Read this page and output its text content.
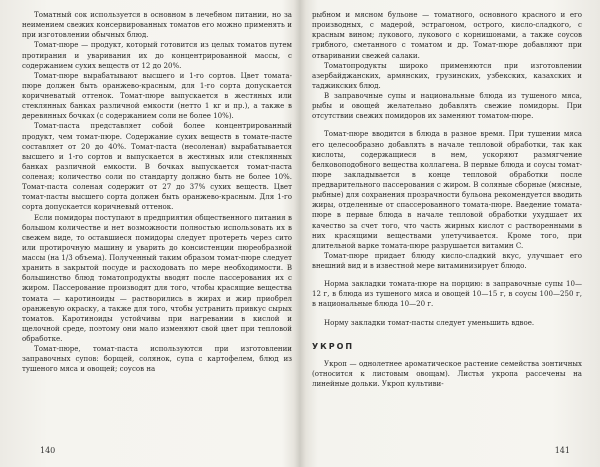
Томатный сок используется в основном в лечебном питании, но за неимением свежих консервированных томатов его можно применять и при изготовлении обычных блюд.

Томат-пюре — продукт, который готовится из целых томатов путем протирания и уваривания их до концентрированной массы, с содержанием сухих веществ от 12 до 20%.

Томат-пюре вырабатывают высшего и 1-го сортов. Цвет томата-пюре должен быть оранжево-красным, для 1-го сорта допускается коричневатый оттенок. Томат-пюре выпускается в жестяных или стеклянных банках различной емкости (нетто 1 кг и пр.), а также в деревянных бочках (с содержанием соли не более 10%).

Томат-паста представляет собой более концентрированный продукт, чем томат-пюре. Содержание сухих веществ в томате-пасте составляет от 20 до 40%. Томат-паста (несоленая) вырабатывается высшего и 1-го сортов и выпускается в жестяных или стеклянных банках различной емкости. В бочках выпускается томат-паста соленая; количество соли по стандарту должно быть не более 10%. Томат-паста соленая содержит от 27 до 37% сухих веществ. Цвет томат-пасты высшего сорта должен быть оранжево-красным. Для 1-го сорта допускается коричневый оттенок.

Если помидоры поступают в предприятия общественного питания в большом количестве и нет возможности полностью использовать их в свежем виде, то оставшиеся помидоры следует протереть через сито или протирочную машину и уварить до консистенции пюреобразной массы (на 1/3 объема). Полученный таким образом томат-пюре следует хранить в закрытой посуде и расходовать по мере необходимости. В большинство блюд томатопродукты вводят после пассерования их с жиром. Пассерование производят для того, чтобы красящие вещества томата — каротиноиды — растворились в жирах и жир приобрел оранжевую окраску, а также для того, чтобы устранить привкус сырых томатов. Каротиноиды устойчивы при нагревании в кислой и щелочной среде, поэтому они мало изменяют свой цвет при тепловой обработке.

Томат-пюре, томат-паста используются при изготовлении заправочных супов: борщей, солянок, супа с картофелем, блюд из тушеного мяса и овощей; соусов на

140

рыбном и мясном бульоне — томатного, основного красного и его производных, с мадерой, эстрагоном, острого, кисло-сладкого, с красным вином; лукового, лукового с корнишонами, а также соусов грибного, сметанного с томатом и др. Томат-пюре добавляют при отваривании свежей салаки.

Томатопродукты широко применяются при изготовлении азербайджанских, армянских, грузинских, узбекских, казахских и таджикских блюд.

В заправочные супы и национальные блюда из тушеного мяса, рыбы и овощей желательно добавлять свежие помидоры. При отсутствии свежих помидоров их заменяют томатом-пюре.

Томат-пюре вводится в блюда в разное время. При тушении мяса его целесообразно добавлять в начале тепловой обработки, так как кислоты, содержащиеся в нем, ускоряют размягчение белковоподобного вещества коллагена. В первые блюда и соусы томат-пюре закладывается в конце тепловой обработки после предварительного пассерования с жиром. В соляные сборные (мясные, рыбные) для сохранения прозрачности бульона рекомендуется вводить жиры, отделенные от спассерованного томата-пюре. Введение томата-пюре в первые блюда в начале тепловой обработки ухудшает их качество за счет того, что часть жирных кислот с растворенными в них красящими веществами улетучивается. Кроме того, при длительной варке томата-пюре разрушается витамин C.

Томат-пюре придает блюду кисло-сладкий вкус, улучшает его внешний вид и в известной мере витаминизирует блюдо.

Норма закладки томата-пюре на порцию: в заправочные супы 10—12 г, в блюда из тушеного мяса и овощей 10—15 г, в соусы 100—250 г, в национальные блюда 10—20 г.

Норму закладки томат-пасты следует уменьшить вдвое.

УКРОП

Укроп — однолетнее ароматическое растение семейства зонтичных (относится к листовым овощам). Листья укропа рассечены на линейные дольки. Укроп культиви-

141
